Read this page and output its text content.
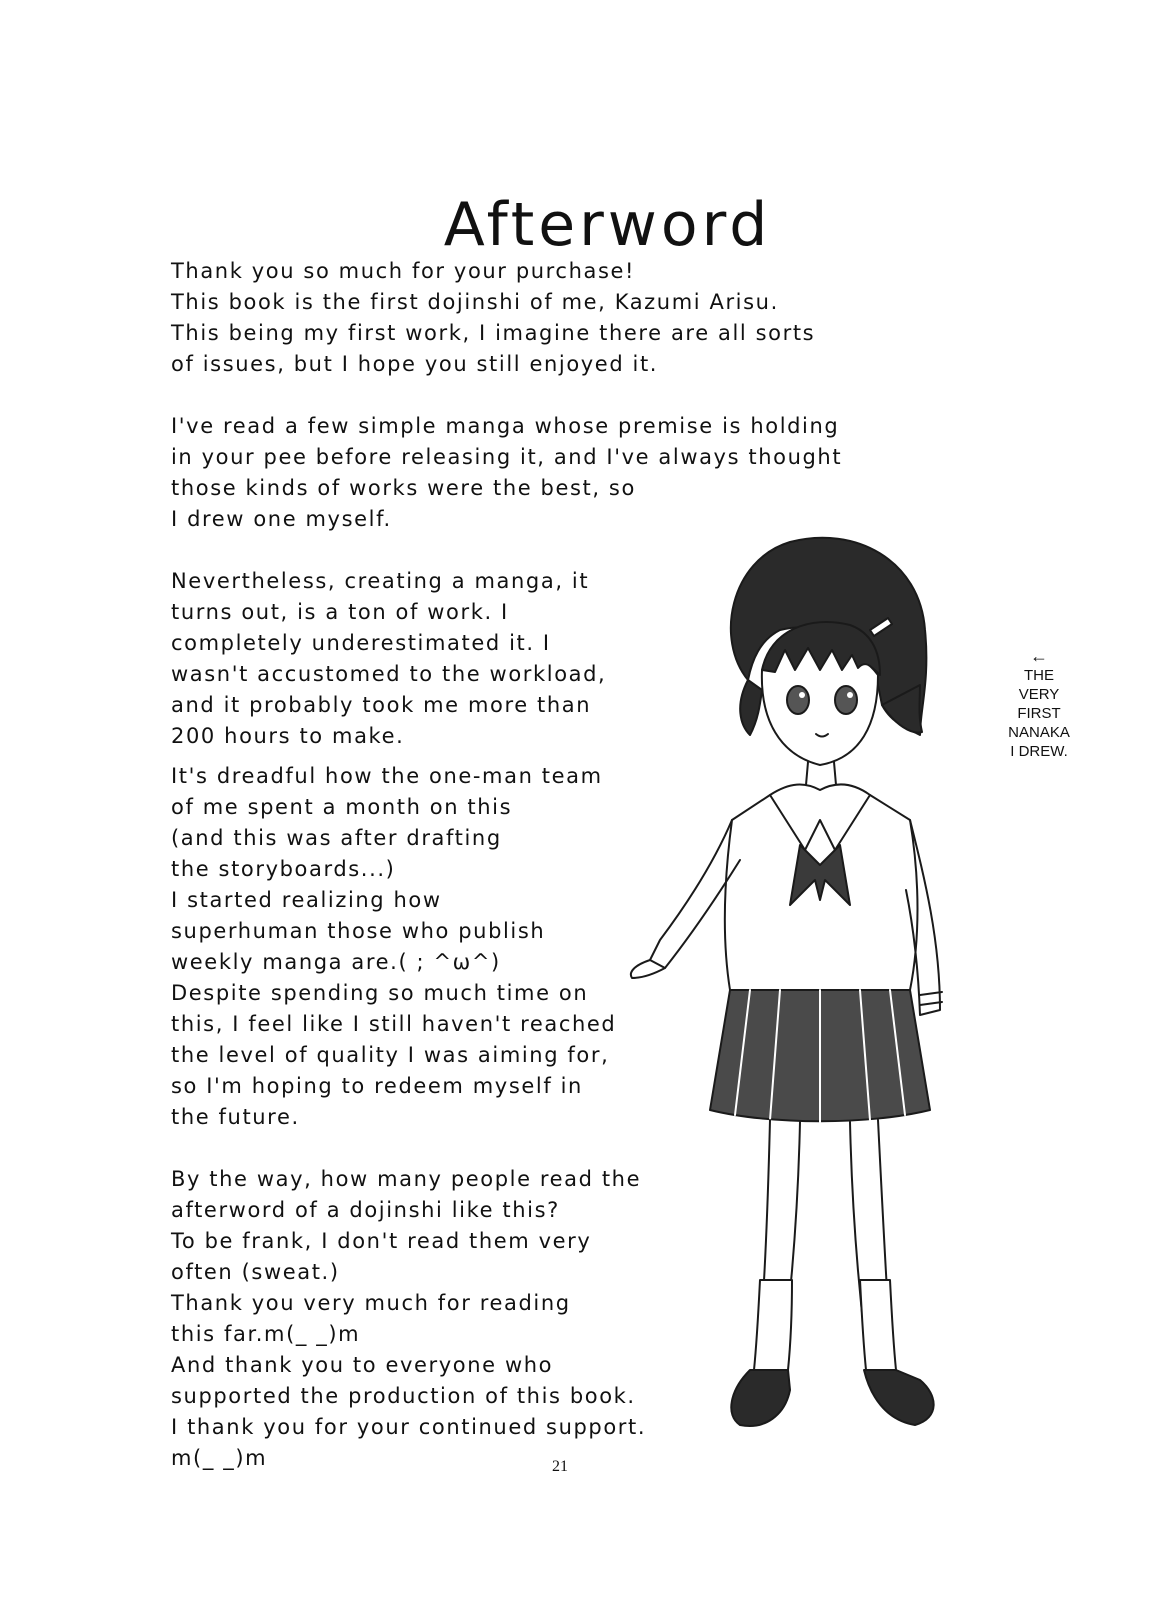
Afterword
Thank you so much for your purchase!
This book is the first dojinshi of me, Kazumi Arisu.
This being my first work, I imagine there are all sorts
of issues, but I hope you still enjoyed it.
I've read a few simple manga whose premise is holding
in your pee before releasing it, and I've always thought
those kinds of works were the best, so
I drew one myself.
Nevertheless, creating a manga, it
turns out, is a ton of work. I
completely underestimated it. I
wasn't accustomed to the workload,
and it probably took me more than
200 hours to make.
It's dreadful how the one-man team
of me spent a month on this
(and this was after drafting
the storyboards...)
I started realizing how
superhuman those who publish
weekly manga are.( ; ^ω^)
Despite spending so much time on
this, I feel like I still haven't reached
the level of quality I was aiming for,
so I'm hoping to redeem myself in
the future.
By the way, how many people read the
afterword of a dojinshi like this?
To be frank, I don't read them very
often (sweat.)
Thank you very much for reading
this far.m(_ _)m
And thank you to everyone who
supported the production of this book.
I thank you for your continued support.
m(_ _)m
←
THE
VERY
FIRST
NANAKA
I DREW.
21
